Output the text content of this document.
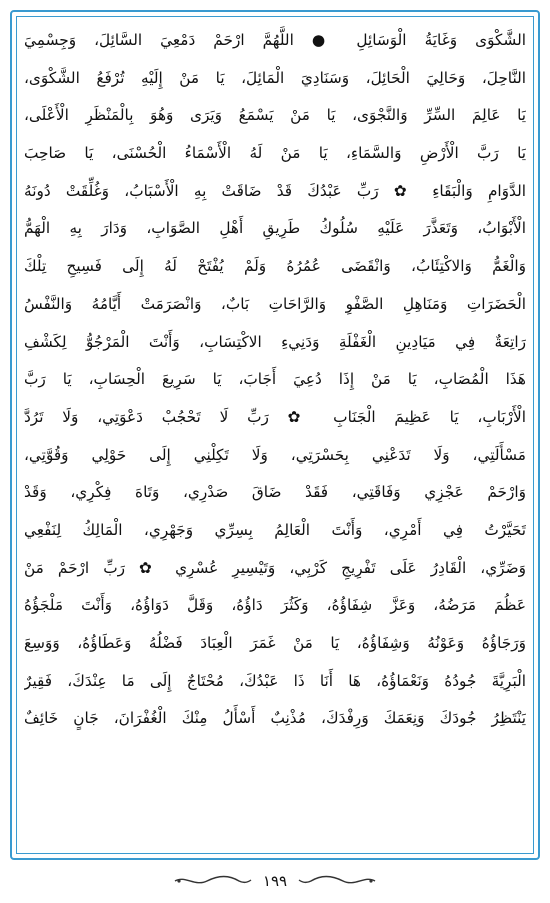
الشَّكْوَى وَغَايَةُ الْوَسَائِلِ ● اللَّهُمَّ ارْحَمْ دَمْعِيَ السَّائِلَ، وَجِسْمِيَ
النَّاحِلَ، وَحَالِيَ الْحَائِلَ، وَسَنَادِيَ الْمَائِلَ، يَا مَنْ إِلَيْهِ تُرْفَعُ الشَّكْوَى،
يَا عَالِمَ السِّرِّ وَالنَّجْوَى، يَا مَنْ يَسْمَعُ وَيَرَى وَهُوَ بِالْمَنْظَرِ الْأَعْلَى،
يَا رَبَّ الْأَرْضِ وَالسَّمَاءِ، يَا مَنْ لَهُ الْأَسْمَاءُ الْحُسْنَى، يَا صَاحِبَ
الدَّوَامِ وَالْبَقَاءِ ✿ رَبِّ عَبْدُكَ قَدْ ضَاقَتْ بِهِ الْأَسْبَابُ، وَغُلِّقَتْ دُونَهُ
الْأَبْوَابُ، وَتَعَذَّرَ عَلَيْهِ سُلُوكُ طَرِيقِ أَهْلِ الصَّوَابِ، وَدَارَ بِهِ الْهَمُّ
وَالْغَمُّ وَالاكْتِئَابُ، وَانْقَضَى عُمُرُهُ وَلَمْ يُفْتَحْ لَهُ إِلَى فَسِيحِ تِلْكَ
الْحَضَرَاتِ وَمَنَاهِلِ الصَّفْوِ وَالرَّاحَاتِ بَابٌ، وَانْصَرَمَتْ أَيَّامُهُ وَالنَّفْسُ
رَاتِعَةٌ فِي مَيَادِينِ الْغَفْلَةِ وَدَنِيءِ الاكْتِسَابِ، وَأَنْتَ الْمَرْجُوُّ لِكَشْفِ
هَذَا الْمُصَابِ، يَا مَنْ إِذَا دُعِيَ أَجَابَ، يَا سَرِيعَ الْحِسَابِ، يَا رَبَّ
الْأَرْبَابِ، يَا عَظِيمَ الْجَنَابِ ✿ رَبِّ لَا تَحْجُبْ دَعْوَتِي، وَلَا تَرُدَّ
مَسْأَلَتِي، وَلَا تَدَعْنِي بِحَسْرَتِي، وَلَا تَكِلْنِي إِلَى حَوْلِي وَقُوَّتِي،
وَارْحَمْ عَجْزِي وَفَاقَتِي، فَقَدْ ضَاقَ صَدْرِي، وَتَاهَ فِكْرِي، وَقَدْ
تَحَيَّرْتُ فِي أَمْرِي، وَأَنْتَ الْعَالِمُ بِسِرِّي وَجَهْرِي، الْمَالِكُ لِنَفْعِي
وَضَرِّي، الْقَادِرُ عَلَى تَفْرِيجِ كَرْبِي، وَتَيْسِيرِ عُسْرِي ✿ رَبِّ ارْحَمْ مَنْ
عَظُمَ مَرَضُهُ، وَعَزَّ شِفَاؤُهُ، وَكَثُرَ دَاؤُهُ، وَقَلَّ دَوَاؤُهُ، وَأَنْتَ مَلْجَؤُهُ
وَرَجَاؤُهُ وَعَوْنُهُ وَشِفَاؤُهُ، يَا مَنْ غَمَرَ الْعِبَادَ فَضْلُهُ وَعَطَاؤُهُ، وَوَسِعَ
الْبَرِيَّةَ جُودُهُ وَنَعْمَاؤُهُ، هَا أَنَا ذَا عَبْدُكَ، مُحْتَاجٌ إِلَى مَا عِنْدَكَ، فَقِيرٌ
يَنْتَظِرُ جُودَكَ وَنِعَمَكَ وَرِفْدَكَ، مُذْنِبٌ أَسْأَلُ مِنْكَ الْغُفْرَانَ، جَانٍ خَائِفٌ
١٩٩
